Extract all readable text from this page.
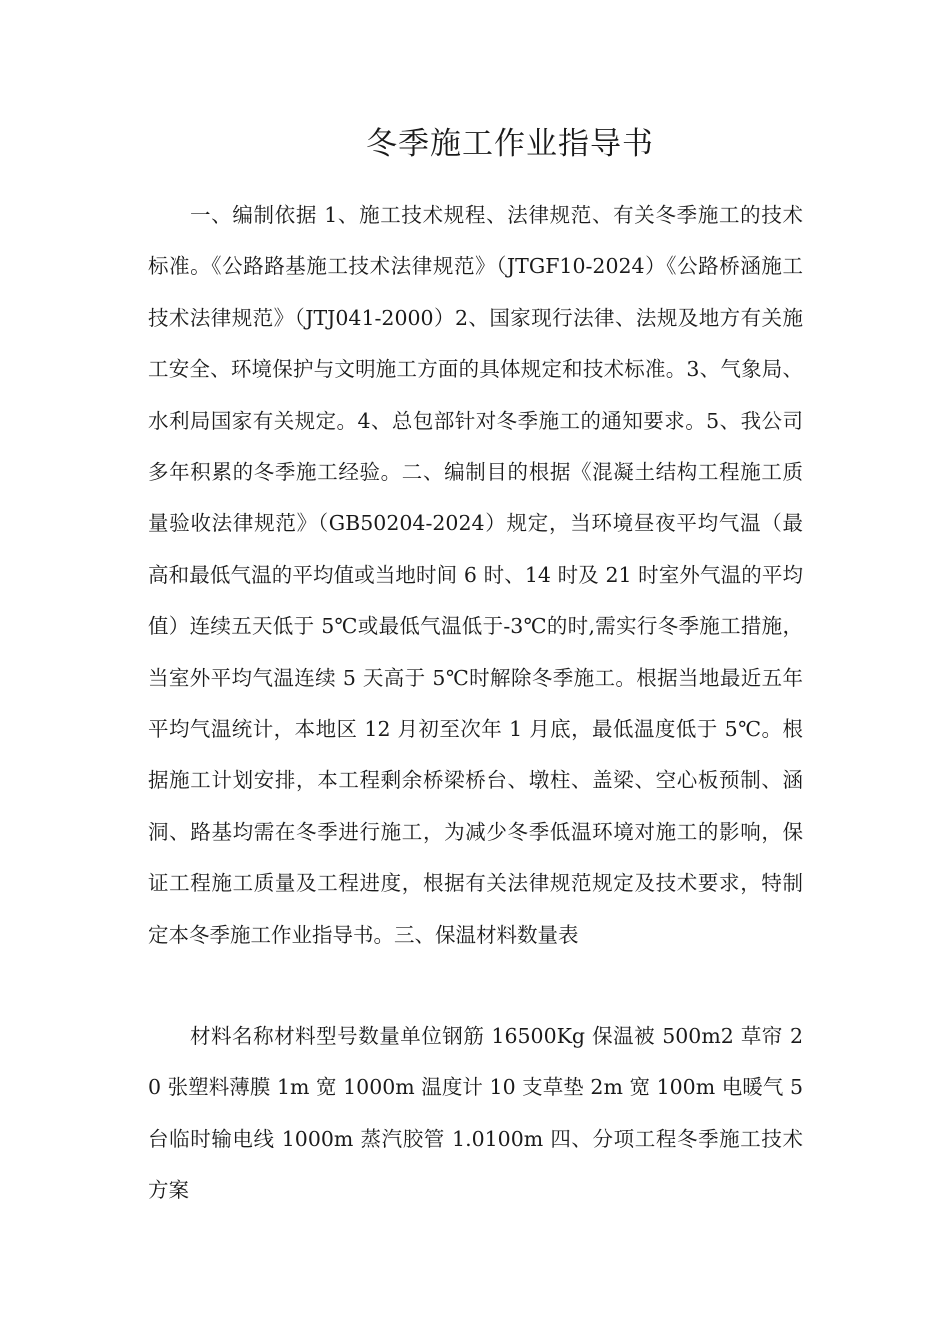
冬季施工作业指导书

一、编制依据 1、施工技术规程、法律规范、有关冬季施工的技术标准。《公路路基施工技术法律规范》（JTGF10-2024）《公路桥涵施工技术法律规范》（JTJ041-2000）2、国家现行法律、法规及地方有关施工安全、环境保护与文明施工方面的具体规定和技术标准。3、气象局、水利局国家有关规定。4、总包部针对冬季施工的通知要求。5、我公司多年积累的冬季施工经验。二、编制目的根据《混凝土结构工程施工质量验收法律规范》（GB50204-2024）规定，当环境昼夜平均气温（最高和最低气温的平均值或当地时间 6 时、14 时及 21 时室外气温的平均值）连续五天低于 5℃或最低气温低于-3℃的时,需实行冬季施工措施，当室外平均气温连续 5 天高于 5℃时解除冬季施工。根据当地最近五年平均气温统计，本地区 12 月初至次年 1 月底，最低温度低于 5℃。根据施工计划安排，本工程剩余桥梁桥台、墩柱、盖梁、空心板预制、涵洞、路基均需在冬季进行施工，为减少冬季低温环境对施工的影响，保证工程施工质量及工程进度，根据有关法律规范规定及技术要求，特制定本冬季施工作业指导书。三、保温材料数量表

材料名称材料型号数量单位钢筋 16500Kg 保温被 500m2 草帘 20 张塑料薄膜 1m 宽 1000m 温度计 10 支草垫 2m 宽 100m 电暖气 5 台临时输电线 1000m 蒸汽胶管 1.0100m 四、分项工程冬季施工技术方案
